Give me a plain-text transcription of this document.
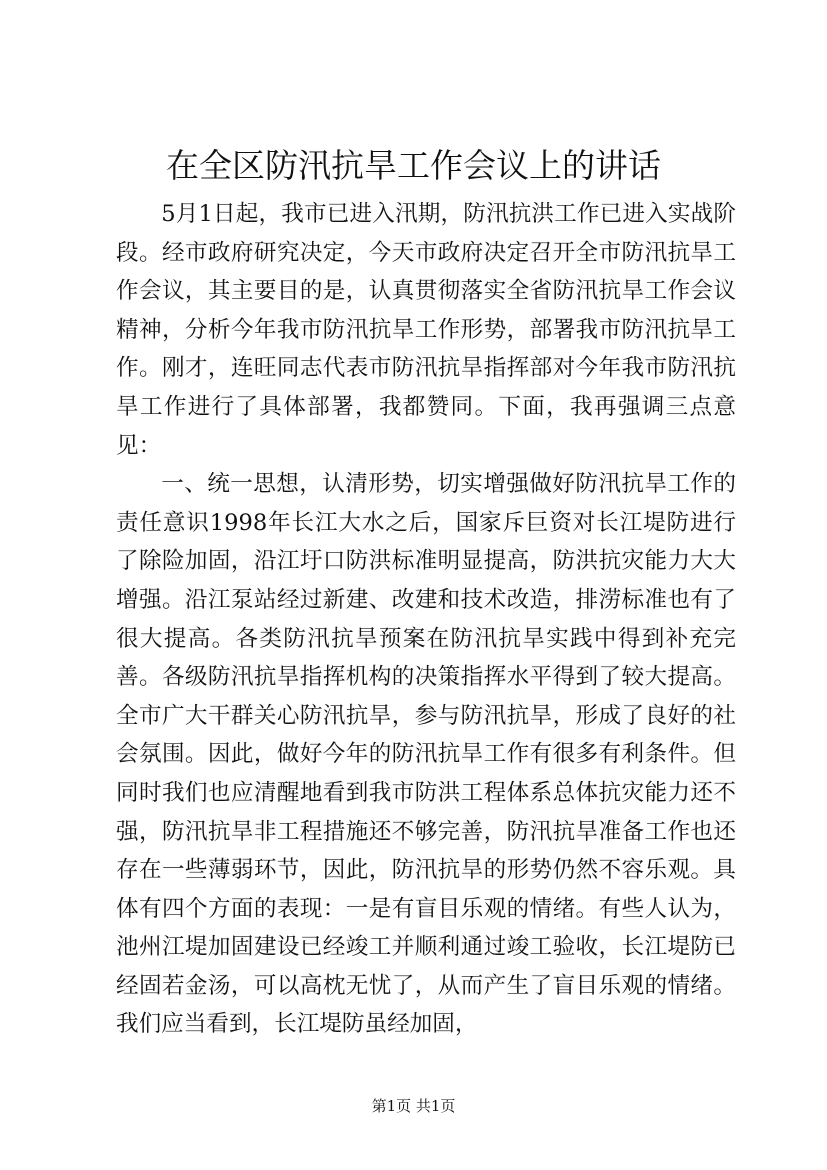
在全区防汛抗旱工作会议上的讲话

5月1日起，我市已进入汛期，防汛抗洪工作已进入实战阶段。经市政府研究决定，今天市政府决定召开全市防汛抗旱工作会议，其主要目的是，认真贯彻落实全省防汛抗旱工作会议精神，分析今年我市防汛抗旱工作形势，部署我市防汛抗旱工作。刚才，连旺同志代表市防汛抗旱指挥部对今年我市防汛抗旱工作进行了具体部署，我都赞同。下面，我再强调三点意见：

一、统一思想，认清形势，切实增强做好防汛抗旱工作的责任意识1998年长江大水之后，国家斥巨资对长江堤防进行了除险加固，沿江圩口防洪标准明显提高，防洪抗灾能力大大增强。沿江泵站经过新建、改建和技术改造，排涝标准也有了很大提高。各类防汛抗旱预案在防汛抗旱实践中得到补充完善。各级防汛抗旱指挥机构的决策指挥水平得到了较大提高。全市广大干群关心防汛抗旱，参与防汛抗旱，形成了良好的社会氛围。因此，做好今年的防汛抗旱工作有很多有利条件。但同时我们也应清醒地看到我市防洪工程体系总体抗灾能力还不强，防汛抗旱非工程措施还不够完善，防汛抗旱准备工作也还存在一些薄弱环节，因此，防汛抗旱的形势仍然不容乐观。具体有四个方面的表现：一是有盲目乐观的情绪。有些人认为，池州江堤加固建设已经竣工并顺利通过竣工验收，长江堤防已经固若金汤，可以高枕无忧了，从而产生了盲目乐观的情绪。我们应当看到，长江堤防虽经加固，

第1页 共1页
